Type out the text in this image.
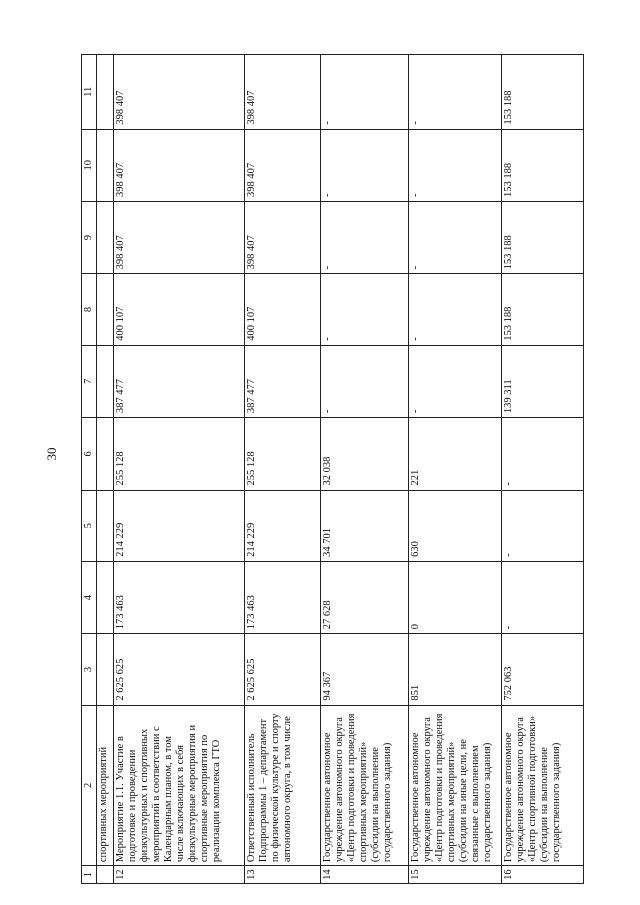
30
1	2	3	4	5	6	7	8	9	10	11
	спортивных мероприятий									
12	Мероприятие 1.1. Участие в подготовке и проведении физкультурных и спортивных мероприятий в соответствии с Календарным планом, в том числе включающих в себя физкультурные мероприятия и спортивные мероприятия по реализации комплекса ГТО	2 625 625	173 463	214 229	255 128	387 477	400 107	398 407	398 407	398 407
13	Ответственный исполнитель Подпрограммы 1 – департамент по физической культуре и спорту автономного округа, в том числе	2 625 625	173 463	214 229	255 128	387 477	400 107	398 407	398 407	398 407
14	Государственное автономное учреждение автономного округа «Центр подготовки и проведения спортивных мероприятий» (субсидии на выполнение государственного задания)	94 367	27 628	34 701	32 038	-	-	-	-	-
15	Государственное автономное учреждение автономного округа «Центр подготовки и проведения спортивных мероприятий» (субсидии на иные цели, не связанные с выполнением государственного задания)	851	0	630	221	-	-	-	-	-
16	Государственное автономное учреждение автономного округа «Центр спортивной подготовки» (субсидии на выполнение государственного задания)	752 063	-	-	-	139 311	153 188	153 188	153 188	153 188
